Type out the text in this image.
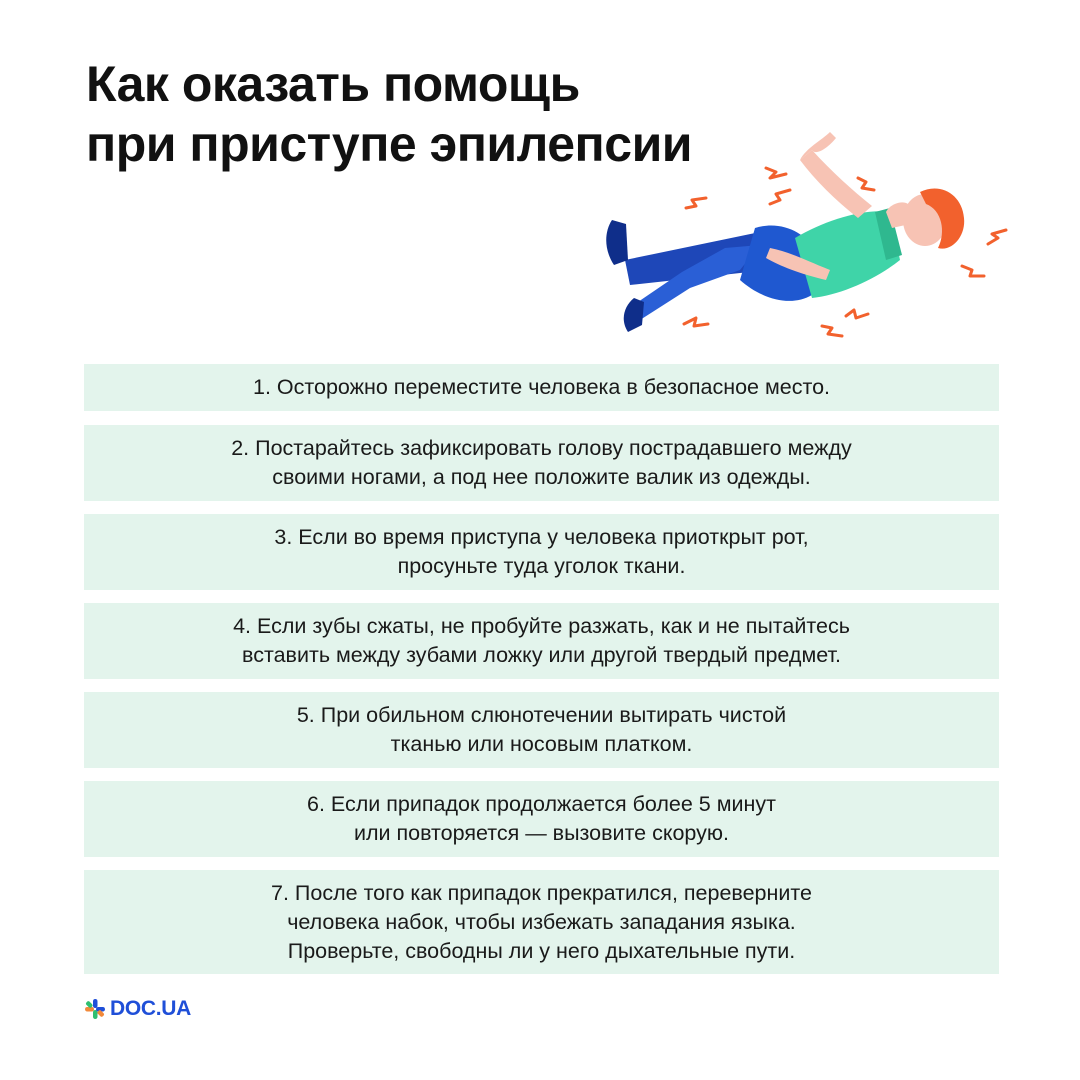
Как оказать помощь
при приступе эпилепсии
1. Осторожно переместите человека в безопасное место.
2. Постарайтесь зафиксировать голову пострадавшего между
своими ногами, а под нее положите валик из одежды.
3. Если во время приступа у человека приоткрыт рот,
просуньте туда уголок ткани.
4. Если зубы сжаты, не пробуйте разжать, как и не пытайтесь
вставить между зубами ложку или другой твердый предмет.
5. При обильном слюнотечении вытирать чистой
тканью или носовым платком.
6. Если припадок продолжается более 5 минут
или повторяется — вызовите скорую.
7. После того как припадок прекратился, переверните
человека набок, чтобы избежать западания языка.
Проверьте, свободны ли у него дыхательные пути.
DOC.UA
